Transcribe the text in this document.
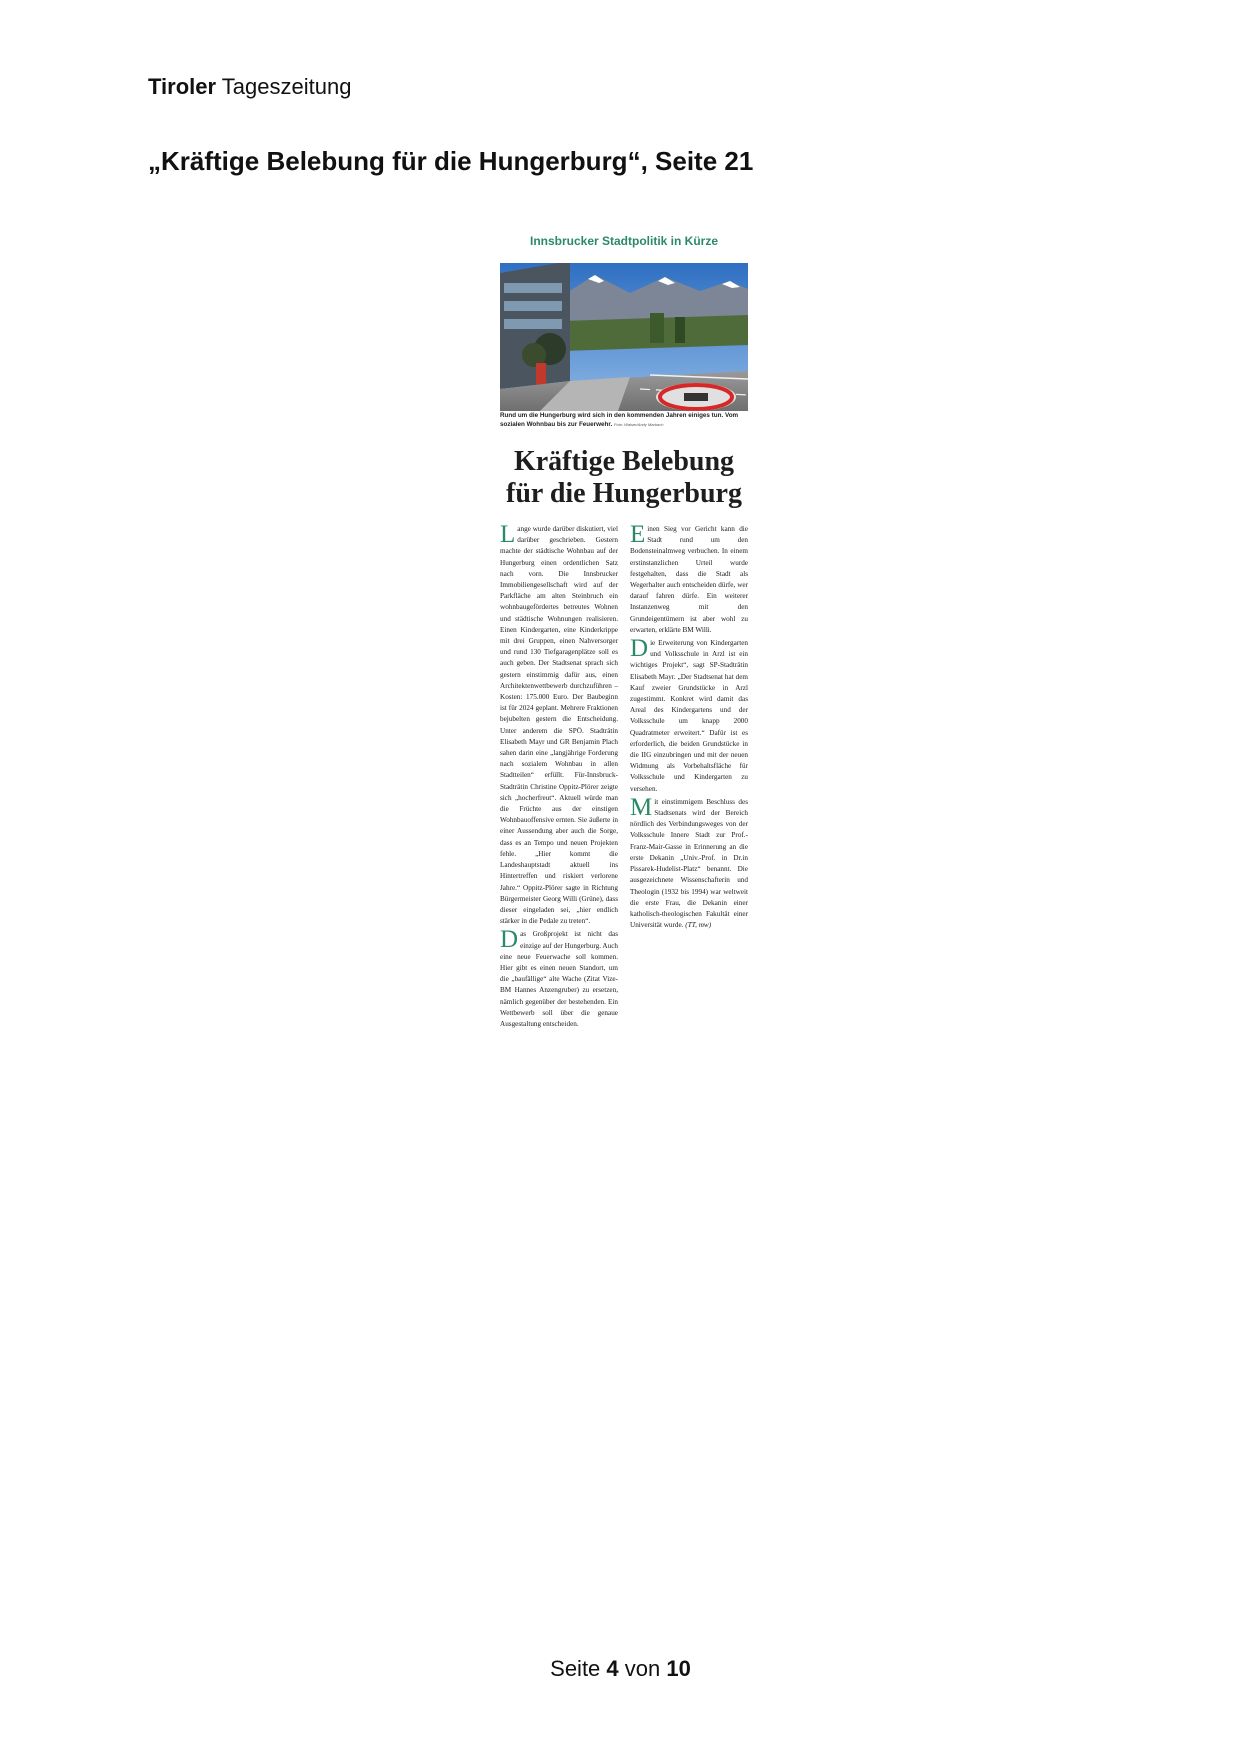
Tiroler Tageszeitung
„Kräftige Belebung für die Hungerburg“, Seite 21
Innsbrucker Stadtpolitik in Kürze
Rund um die Hungerburg wird sich in den kommenden Jahren einiges tun. Vom sozialen Wohnbau bis zur Feuerwehr. Foto: Walser/Andy Marbach
Kräftige Belebung für die Hungerburg

Lange wurde darüber diskutiert, viel darüber geschrieben. Gestern machte der städtische Wohnbau auf der Hungerburg einen ordentlichen Satz nach vorn. Die Innsbrucker Immobiliengesellschaft wird auf der Parkfläche am alten Steinbruch ein wohnbaugefördertes betreutes Wohnen und städtische Wohnungen realisieren. Einen Kindergarten, eine Kinderkrippe mit drei Gruppen, einen Nahversorger und rund 130 Tiefgaragenplätze soll es auch geben. Der Stadtsenat sprach sich gestern einstimmig dafür aus, einen Architektenwettbewerb durchzuführen – Kosten: 175.000 Euro. Der Baubeginn ist für 2024 geplant. Mehrere Fraktionen bejubelten gestern die Entscheidung. Unter anderem die SPÖ. Stadträtin Elisabeth Mayr und GR Benjamin Plach sahen darin eine „langjährige Forderung nach sozialem Wohnbau in allen Stadtteilen“ erfüllt. Für-Innsbruck-Stadträtin Christine Oppitz-Plörer zeigte sich „hocherfreut“. Aktuell würde man die Früchte aus der einstigen Wohnbauoffensive ernten. Sie äußerte in einer Aussendung aber auch die Sorge, dass es an Tempo und neuen Projekten fehle. „Hier kommt die Landeshauptstadt aktuell ins Hintertreffen und riskiert verlorene Jahre.“ Oppitz-Plörer sagte in Richtung Bürgermeister Georg Willi (Grüne), dass dieser eingeladen sei, „hier endlich stärker in die Pedale zu treten“.

Das Großprojekt ist nicht das einzige auf der Hungerburg. Auch eine neue Feuerwache soll kommen. Hier gibt es einen neuen Standort, um die „baufällige“ alte Wache (Zitat Vize-BM Hannes Anzengruber) zu ersetzen, nämlich gegenüber der bestehenden. Ein Wettbewerb soll über die genaue Ausgestaltung entscheiden.

Einen Sieg vor Gericht kann die Stadt rund um den Bodensteinalmweg verbuchen. In einem erstinstanzlichen Urteil wurde festgehalten, dass die Stadt als Wegerhalter auch entscheiden dürfe, wer darauf fahren dürfe. Ein weiterer Instanzenweg mit den Grundeigentümern ist aber wohl zu erwarten, erklärte BM Willi.

Die Erweiterung von Kindergarten und Volksschule in Arzl ist ein wichtiges Projekt“, sagt SP-Stadträtin Elisabeth Mayr. „Der Stadtsenat hat dem Kauf zweier Grundstücke in Arzl zugestimmt. Konkret wird damit das Areal des Kindergartens und der Volksschule um knapp 2000 Quadratmeter erweitert.“ Dafür ist es erforderlich, die beiden Grundstücke in die IIG einzubringen und mit der neuen Widmung als Vorbehaltsfläche für Volksschule und Kindergarten zu versehen.

Mit einstimmigem Beschluss des Stadtsenats wird der Bereich nördlich des Verbindungsweges von der Volksschule Innere Stadt zur Prof.-Franz-Mair-Gasse in Erinnerung an die erste Dekanin „Univ.-Prof. in Dr.in Pissarek-Hudelist-Platz“ benannt. Die ausgezeichnete Wissenschafterin und Theologin (1932 bis 1994) war weltweit die erste Frau, die Dekanin einer katholisch-theologischen Fakultät einer Universität wurde. (TT, mw)

Seite 4 von 10
